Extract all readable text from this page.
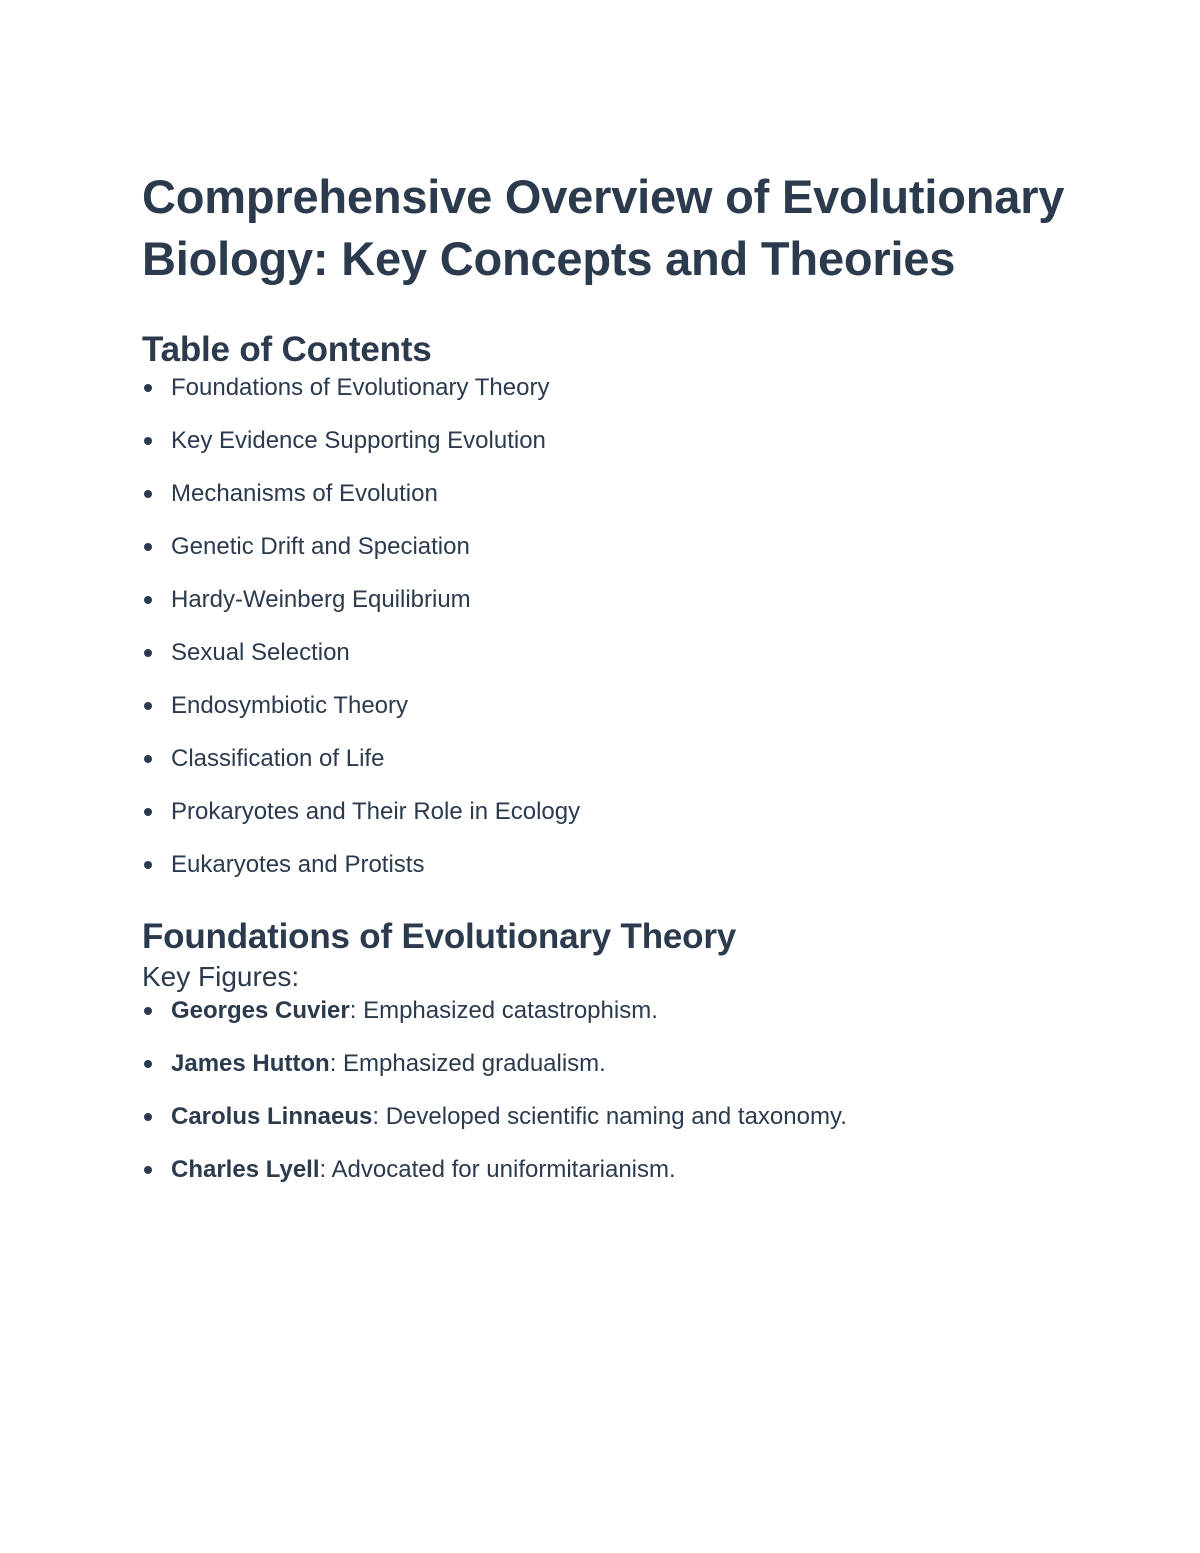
Comprehensive Overview of Evolutionary Biology: Key Concepts and Theories
Table of Contents
Foundations of Evolutionary Theory
Key Evidence Supporting Evolution
Mechanisms of Evolution
Genetic Drift and Speciation
Hardy-Weinberg Equilibrium
Sexual Selection
Endosymbiotic Theory
Classification of Life
Prokaryotes and Their Role in Ecology
Eukaryotes and Protists
Foundations of Evolutionary Theory
Key Figures:
Georges Cuvier: Emphasized catastrophism.
James Hutton: Emphasized gradualism.
Carolus Linnaeus: Developed scientific naming and taxonomy.
Charles Lyell: Advocated for uniformitarianism.
